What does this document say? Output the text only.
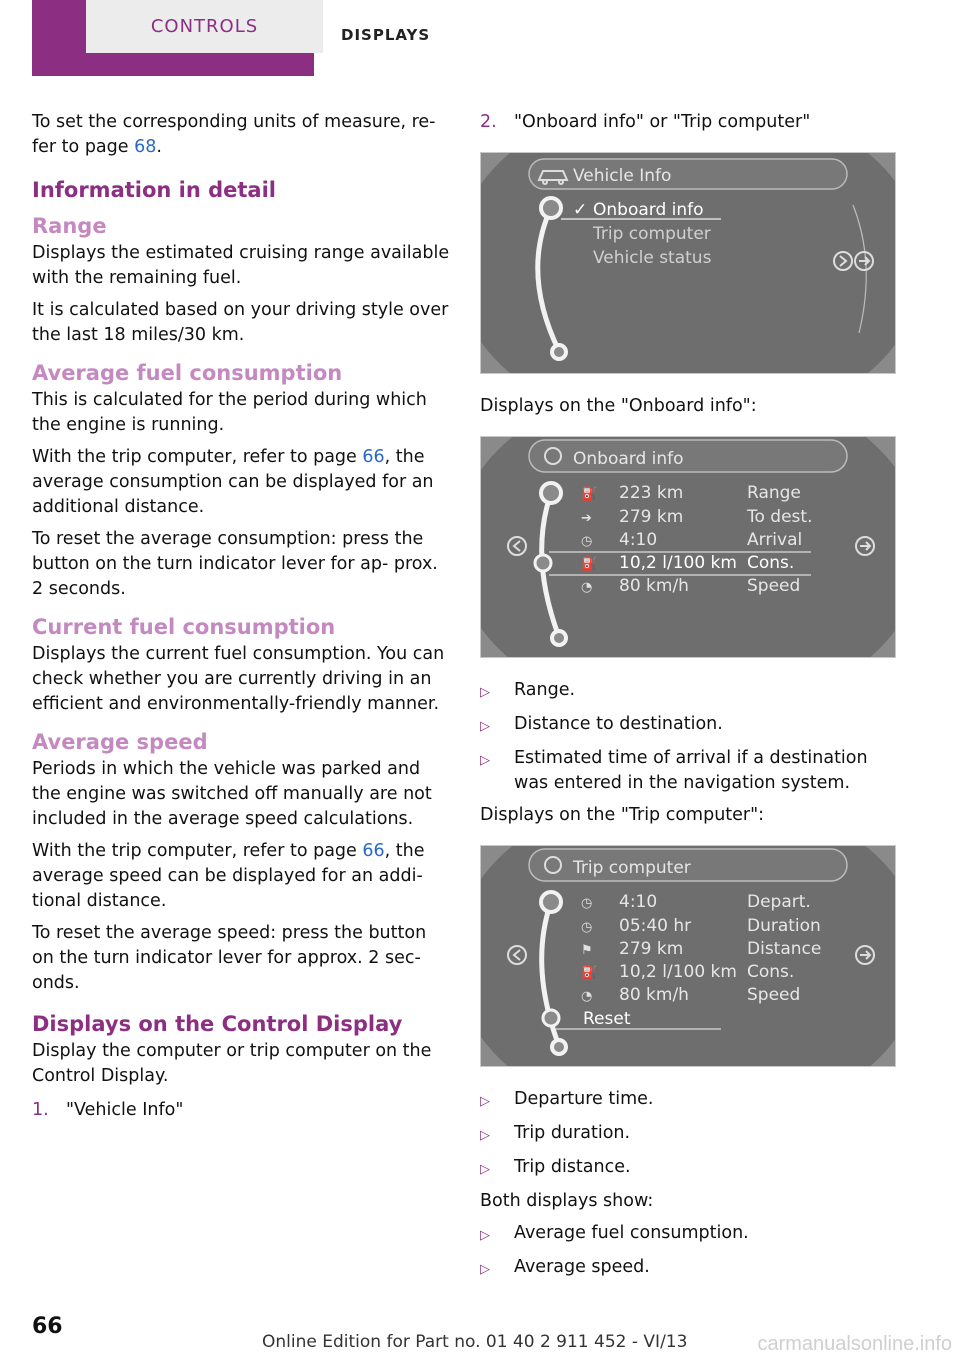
CONTROLS	DISPLAYS

To set the corresponding units of measure, re‐
fer to page 68.

Information in detail
Range

Displays the estimated cruising range available with the remaining fuel.

It is calculated based on your driving style over the last 18 miles/30 km.

Average fuel consumption

This is calculated for the period during which the engine is running.

With the trip computer, refer to page 66, the average consumption can be displayed for an additional distance.

To reset the average consumption: press the button on the turn indicator lever for ap‐ prox. 2 seconds.

Current fuel consumption

Displays the current fuel consumption. You can check whether you are currently driving in an efficient and environmentally-friendly manner.

Average speed

Periods in which the vehicle was parked and the engine was switched off manually are not included in the average speed calculations.

With the trip computer, refer to page 66, the average speed can be displayed for an addi‐ tional distance.

To reset the average speed: press the button on the turn indicator lever for approx. 2 sec‐ onds.

Displays on the Control Display

Display the computer or trip computer on the Control Display.

1. "Vehicle Info"
2. "Onboard info" or "Trip computer"
Vehicle Info
✓ Onboard info
Trip computer
Vehicle status

Displays on the "Onboard info":

Onboard info
⛽
➔
◷
⛽
◔
223 km	Range
279 km	To dest.
4:10	Arrival
10,2 l/100 km Cons.
80 km/h	Speed
▷	Range.
▷	Distance to destination.
▷	Estimated time of arrival if a destination was entered in the navigation system.

Displays on the "Trip computer":

Trip computer
◷
◷
⚑
⛽
◔
4:10	Depart.
05:40 hr	Duration
279 km	Distance
10,2 l/100 km Cons.
80 km/h	Speed
Reset
▷	Departure time.
▷	Trip duration.
▷	Trip distance.

Both displays show:

▷	Average fuel consumption.
▷	Average speed.
66
Online Edition for Part no. 01 40 2 911 452 - VI/13	carmanualsonline.info
